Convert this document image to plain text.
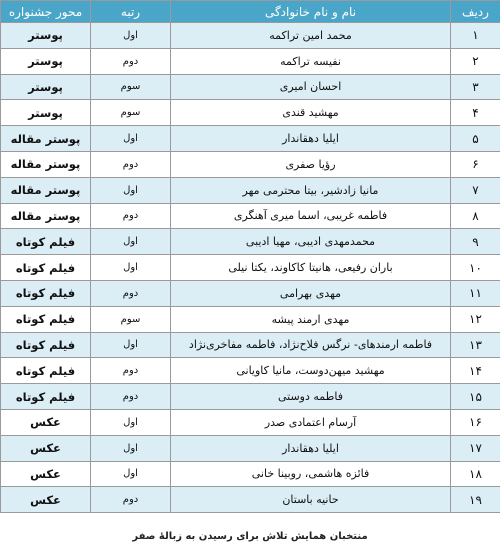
ردیف	نام و نام خانوادگی	رتبه	محور جشنواره
۱	محمد امین تراکمه	اول	پوستر
۲	نفیسه تراکمه	دوم	پوستر
۳	احسان امیری	سوم	پوستر
۴	مهشید قندی	سوم	پوستر
۵	ایلیا دهقاندار	اول	پوستر مقاله
۶	رؤیا صفری	دوم	پوستر مقاله
۷	مانیا زادشیر، بیتا محترمی مهر	اول	پوستر مقاله
۸	فاطمه غریبی، اسما میری آهنگری	دوم	پوستر مقاله
۹	محمدمهدی ادیبی، مهیا ادیبی	اول	فیلم کوتاه
۱۰	باران رفیعی، هانیتا کاکاوند، یکتا نیلی	اول	فیلم کوتاه
۱۱	مهدی بهرامی	دوم	فیلم کوتاه
۱۲	مهدی ارمند پیشه	سوم	فیلم کوتاه
۱۳	فاطمه ارمندهای- نرگس فلاح‌نژاد، فاطمه مفاخری‌نژاد	اول	فیلم کوتاه
۱۴	مهشید میهن‌دوست، مانیا کاویانی	دوم	فیلم کوتاه
۱۵	فاطمه دوستی	دوم	فیلم کوتاه
۱۶	آرسام اعتمادی صدر	اول	عکس
۱۷	ایلیا دهقاندار	اول	عکس
۱۸	فائزه هاشمی، روبینا خانی	اول	عکس
۱۹	حانیه باستان	دوم	عکس
منتخبان همایش تلاش برای رسیدن به زبالهٔ صفر
